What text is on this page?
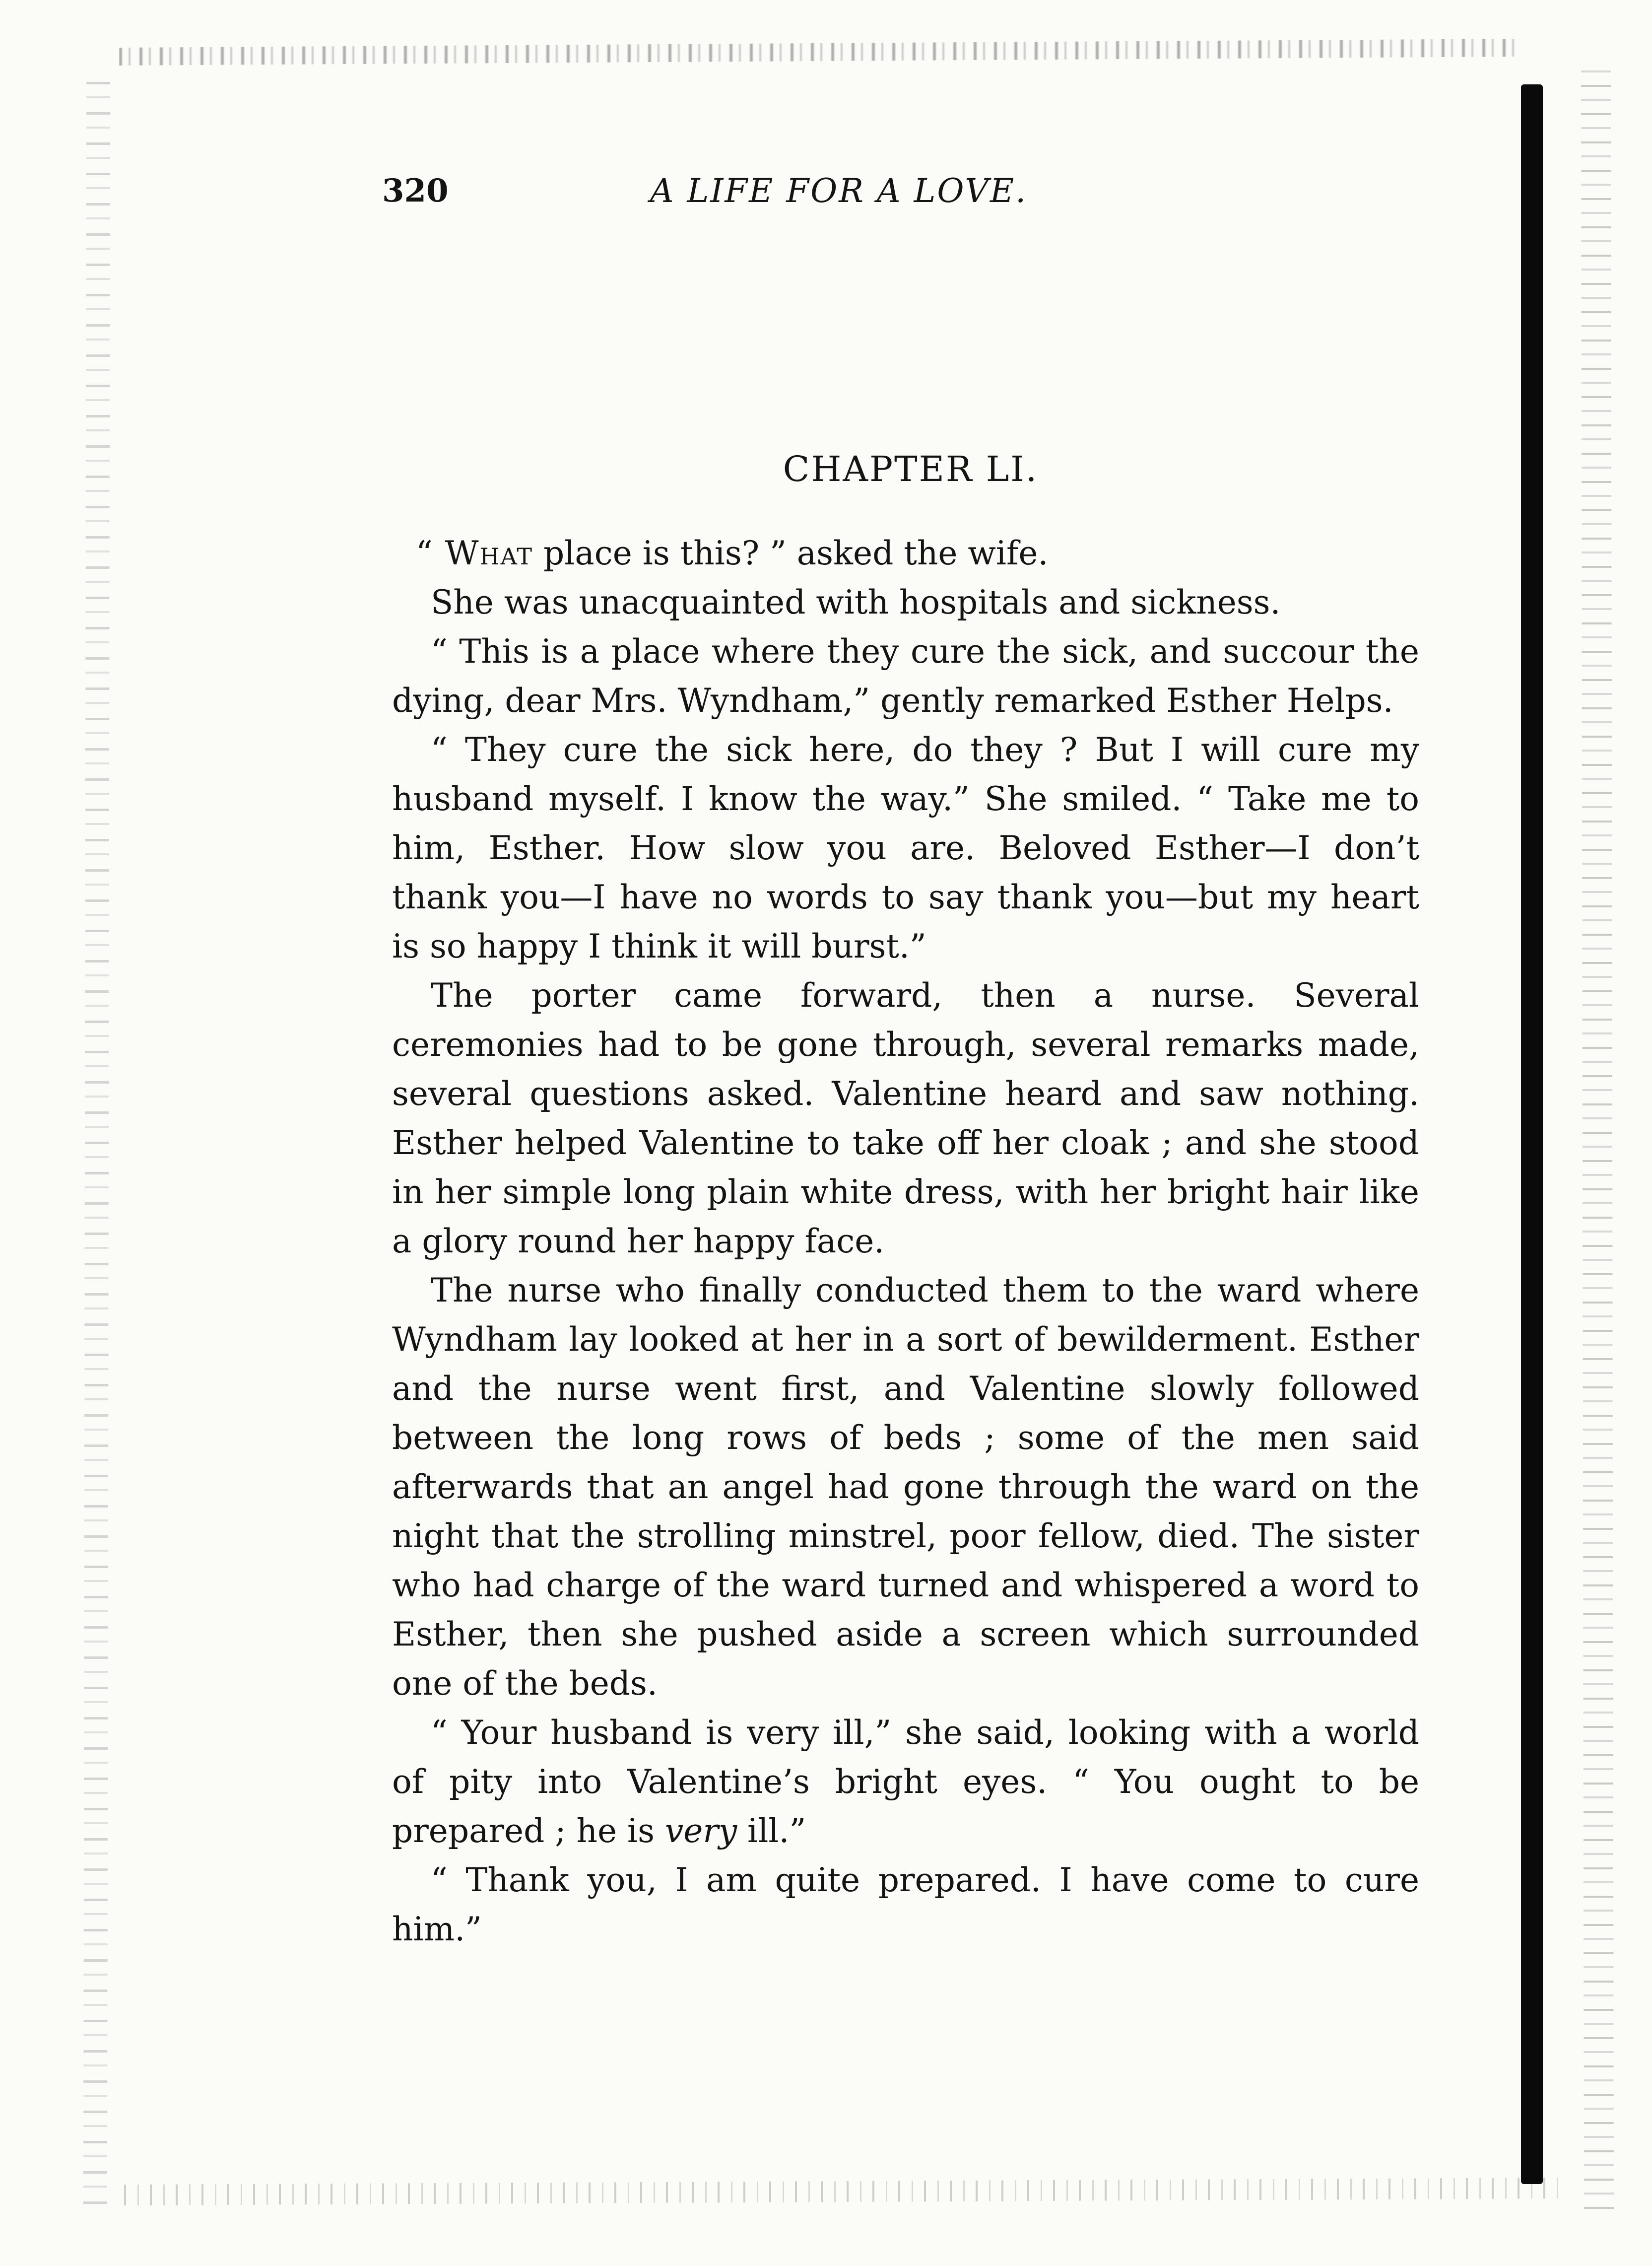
320	A LIFE FOR A LOVE.
CHAPTER LI.

“ What place is this? ” asked the wife.

She was unacquainted with hospitals and sickness.

“ This is a place where they cure the sick, and succour the dying, dear Mrs. Wyndham,” gently remarked Esther Helps.

“ They cure the sick here, do they ? But I will cure my husband myself. I know the way.” She smiled. “ Take me to him, Esther. How slow you are. Beloved Esther—I don’t thank you—I have no words to say thank you—but my heart is so happy I think it will burst.”

The porter came forward, then a nurse. Several ceremonies had to be gone through, several remarks made, several questions asked. Valentine heard and saw nothing. Esther helped Valentine to take off her cloak ; and she stood in her simple long plain white dress, with her bright hair like a glory round her happy face.

The nurse who finally conducted them to the ward where Wyndham lay looked at her in a sort of bewilderment. Esther and the nurse went first, and Valentine slowly followed between the long rows of beds ; some of the men said afterwards that an angel had gone through the ward on the night that the strolling minstrel, poor fellow, died. The sister who had charge of the ward turned and whispered a word to Esther, then she pushed aside a screen which surrounded one of the beds.

“ Your husband is very ill,” she said, looking with a world of pity into Valentine’s bright eyes. “ You ought to be prepared ; he is very ill.”

“ Thank you, I am quite prepared. I have come to cure him.”
